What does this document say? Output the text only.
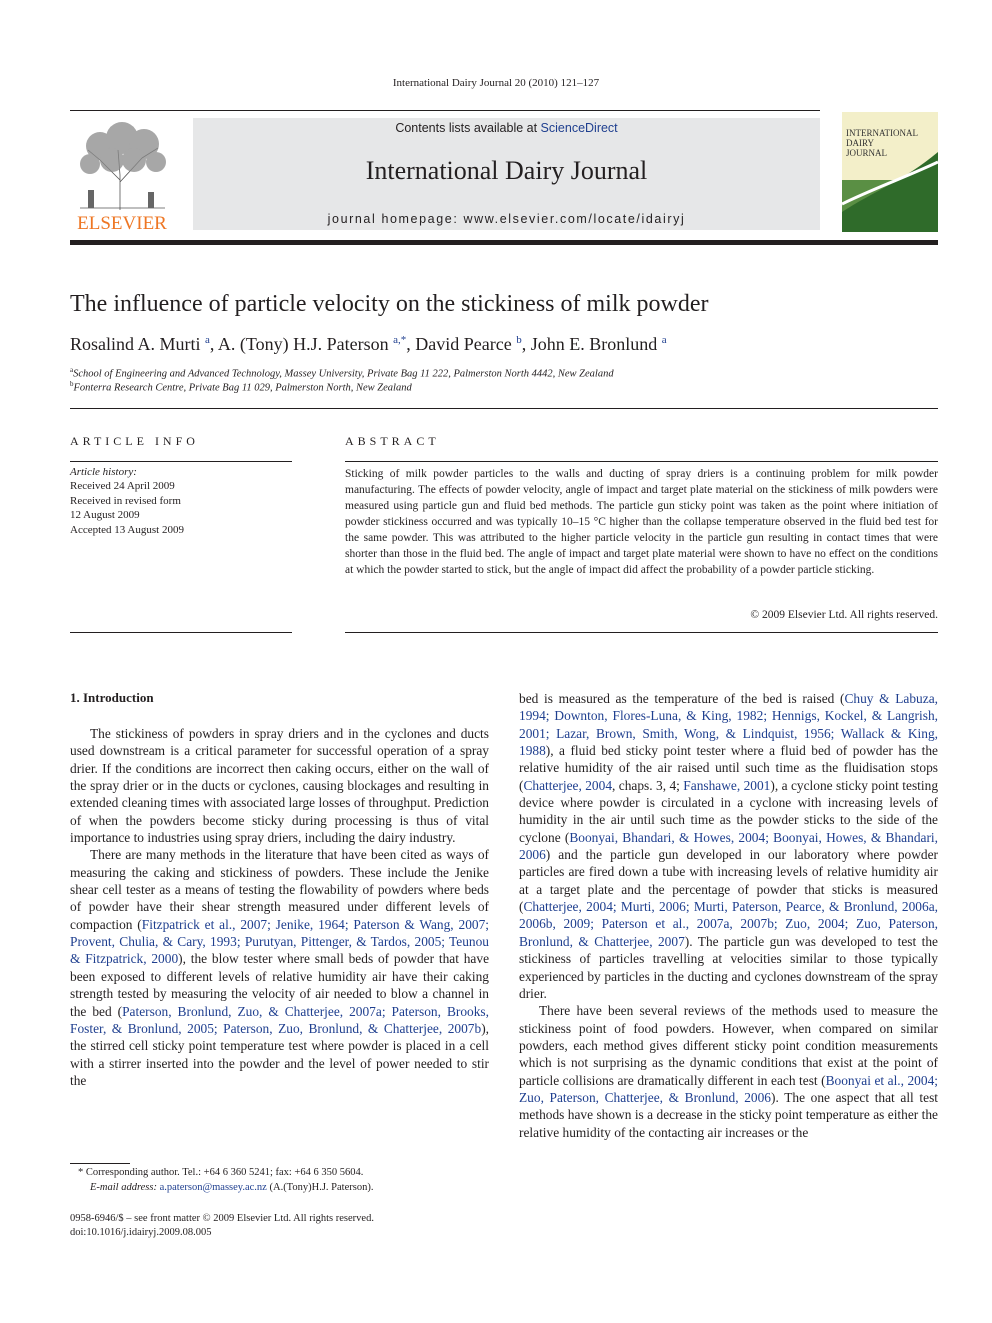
International Dairy Journal 20 (2010) 121–127
ELSEVIER
Contents lists available at ScienceDirect
International Dairy Journal
journal homepage: www.elsevier.com/locate/idairyj
INTERNATIONAL
DAIRY
JOURNAL
The influence of particle velocity on the stickiness of milk powder
Rosalind A. Murti $^a$, A. (Tony) H.J. Paterson $^{a,*}$, David Pearce $^b$, John E. Bronlund $^a$
$^a$School of Engineering and Advanced Technology, Massey University, Private Bag 11 222, Palmerston North 4442, New Zealand
$^b$Fonterra Research Centre, Private Bag 11 029, Palmerston North, New Zealand
ARTICLE INFO
Article history:
Received 24 April 2009
Received in revised form
12 August 2009
Accepted 13 August 2009
ABSTRACT
Sticking of milk powder particles to the walls and ducting of spray driers is a continuing problem for milk powder manufacturing. The effects of powder velocity, angle of impact and target plate material on the stickiness of milk powders were measured using particle gun and fluid bed methods. The particle gun sticky point was taken as the point where initiation of powder stickiness occurred and was typically 10–15 °C higher than the collapse temperature observed in the fluid bed test for the same powder. This was attributed to the higher particle velocity in the particle gun resulting in contact times that were shorter than those in the fluid bed. The angle of impact and target plate material were shown to have no effect on the conditions at which the powder started to stick, but the angle of impact did affect the probability of a powder particle sticking.
© 2009 Elsevier Ltd. All rights reserved.
1. Introduction

The stickiness of powders in spray driers and in the cyclones and ducts used downstream is a critical parameter for successful operation of a spray drier. If the conditions are incorrect then caking occurs, either on the wall of the spray drier or in the ducts or cyclones, causing blockages and resulting in extended cleaning times with associated large losses of throughput. Prediction of when the powders become sticky during processing is thus of vital importance to industries using spray driers, including the dairy industry.

There are many methods in the literature that have been cited as ways of measuring the caking and stickiness of powders. These include the Jenike shear cell tester as a means of testing the flowability of powders where beds of powder have their shear strength measured under different levels of compaction (Fitzpatrick et al., 2007; Jenike, 1964; Paterson & Wang, 2007; Provent, Chulia, & Cary, 1993; Purutyan, Pittenger, & Tardos, 2005; Teunou & Fitzpatrick, 2000), the blow tester where small beds of powder that have been exposed to different levels of relative humidity air have their caking strength tested by measuring the velocity of air needed to blow a channel in the bed (Paterson, Bronlund, Zuo, & Chatterjee, 2007a; Paterson, Brooks, Foster, & Bronlund, 2005; Paterson, Zuo, Bronlund, & Chatterjee, 2007b), the stirred cell sticky point temperature test where powder is placed in a cell with a stirrer inserted into the powder and the level of power needed to stir the

bed is measured as the temperature of the bed is raised (Chuy & Labuza, 1994; Downton, Flores-Luna, & King, 1982; Hennigs, Kockel, & Langrish, 2001; Lazar, Brown, Smith, Wong, & Lindquist, 1956; Wallack & King, 1988), a fluid bed sticky point tester where a fluid bed of powder has the relative humidity of the air raised until such time as the fluidisation stops (Chatterjee, 2004, chaps. 3, 4; Fanshawe, 2001), a cyclone sticky point testing device where powder is circulated in a cyclone with increasing levels of humidity in the air until such time as the powder sticks to the side of the cyclone (Boonyai, Bhandari, & Howes, 2004; Boonyai, Howes, & Bhandari, 2006) and the particle gun developed in our laboratory where powder particles are fired down a tube with increasing levels of relative humidity air at a target plate and the percentage of powder that sticks is measured (Chatterjee, 2004; Murti, 2006; Murti, Paterson, Pearce, & Bronlund, 2006a, 2006b, 2009; Paterson et al., 2007a, 2007b; Zuo, 2004; Zuo, Paterson, Bronlund, & Chatterjee, 2007). The particle gun was developed to test the stickiness of particles travelling at velocities similar to those typically experienced by particles in the ducting and cyclones downstream of the spray drier.

There have been several reviews of the methods used to measure the stickiness point of food powders. However, when compared on similar powders, each method gives different sticky point condition measurements which is not surprising as the dynamic conditions that exist at the point of particle collisions are dramatically different in each test (Boonyai et al., 2004; Zuo, Paterson, Chatterjee, & Bronlund, 2006). The one aspect that all test methods have shown is a decrease in the sticky point temperature as either the relative humidity of the contacting air increases or the

* Corresponding author. Tel.: +64 6 360 5241; fax: +64 6 350 5604.
E-mail address: a.paterson@massey.ac.nz (A.(Tony)H.J. Paterson).
0958-6946/$ – see front matter © 2009 Elsevier Ltd. All rights reserved.
doi:10.1016/j.idairyj.2009.08.005
